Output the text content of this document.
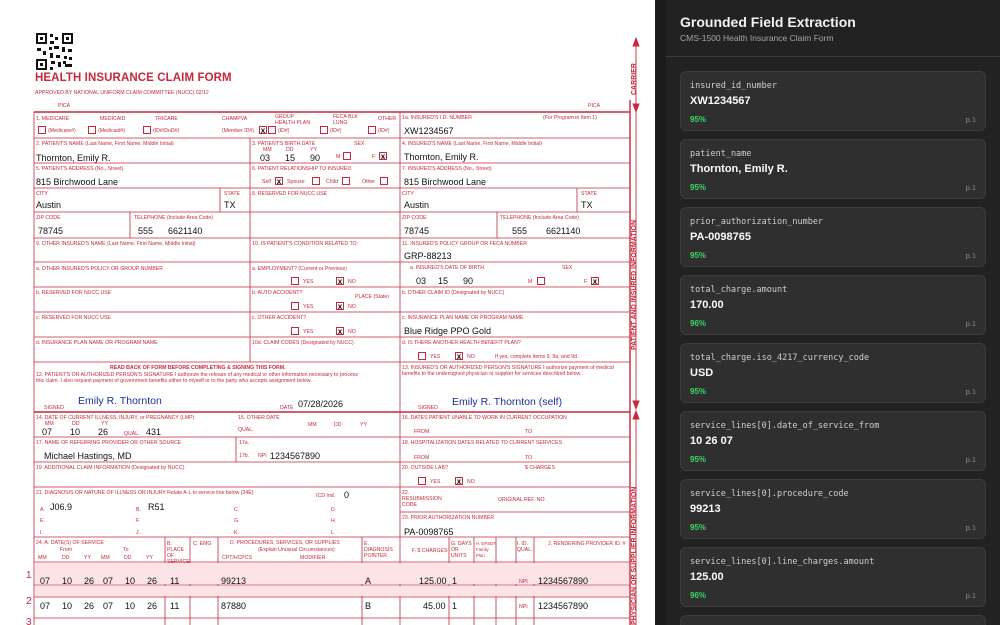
HEALTH INSURANCE CLAIM FORM
APPROVED BY NATIONAL UNIFORM CLAIM COMMITTEE (NUCC) 02/12
PICA	PICA
CARRIER
PATIENT AND INSURED INFORMATION
PHYSICIAN OR SUPPLIER INFORMATION
1. MEDICARE	MEDICAID	TRICARE	CHAMPVA	GROUP HEALTH PLAN
FECA BLK LUNG
OTHER
(Medicare#)	(Medicaid#)	(ID#/DoD#)	(Member ID#) x	(ID#)	(ID#)	(ID#)
1a. INSURED'S I.D. NUMBER	(For Program in Item 1)
XW1234567
2. PATIENT'S NAME (Last Name, First Name, Middle Initial)
Thornton, Emily R.
3. PATIENT'S BIRTH DATE	SEX
MM	DD	YY
03 15 90	M	F x
4. INSURED'S NAME (Last Name, First Name, Middle Initial)
Thornton, Emily R.
5. PATIENT'S ADDRESS (No., Street)
815 Birchwood Lane
6. PATIENT RELATIONSHIP TO INSURED
Self x	Spouse	Child	Other
7. INSURED'S ADDRESS (No., Street)
815 Birchwood Lane
CITY
Austin
STATE
TX
8. RESERVED FOR NUCC USE	CITY
Austin
STATE
TX
ZIP CODE
78745
TELEPHONE (Include Area Code)
555 6621140
ZIP CODE
78745
TELEPHONE (Include Area Code)
555 6621140
9. OTHER INSURED'S NAME (Last Name, First Name, Middle Initial)	10. IS PATIENT'S CONDITION RELATED TO:	11. INSURED'S POLICY GROUP OR FECA NUMBER
GRP-88213
a. OTHER INSURED'S POLICY OR GROUP NUMBER	a. EMPLOYMENT? (Current or Previous)
YES	x	NO
a. INSURED'S DATE OF BIRTH	SEX
03 15 90	M	F x
b. RESERVED FOR NUCC USE	b. AUTO ACCIDENT?
PLACE (State)
YES	x	NO
b. OTHER CLAIM ID (Designated by NUCC)
c. RESERVED FOR NUCC USE	c. OTHER ACCIDENT?
YES	x	NO
c. INSURANCE PLAN NAME OR PROGRAM NAME
Blue Ridge PPO Gold
d. INSURANCE PLAN NAME OR PROGRAM NAME	10d. CLAIM CODES (Designated by NUCC)	d. IS THERE ANOTHER HEALTH BENEFIT PLAN?
YES x	NO	If yes, complete items 9, 9a, and 9d.
READ BACK OF FORM BEFORE COMPLETING & SIGNING THIS FORM.
12. PATIENT'S OR AUTHORIZED PERSON'S SIGNATURE I authorize the release of any medical or other information necessary to process this claim. I also request payment of government benefits either to myself or to the party who accepts assignment below.
SIGNED
Emily R. Thornton
DATE 07/28/2026
13. INSURED'S OR AUTHORIZED PERSON'S SIGNATURE I authorize payment of medical benefits to the undersigned physician or supplier for services described below.
SIGNED Emily R. Thornton (self)
14. DATE OF CURRENT ILLNESS, INJURY, or PREGNANCY (LMP)
MM	DD	YY
07 10 26	QUAL. 431
15. OTHER DATE
QUAL.
MM	DD	YY
16. DATES PATIENT UNABLE TO WORK IN CURRENT OCCUPATION
FROM	TO
17. NAME OF REFERRING PROVIDER OR OTHER SOURCE
Michael Hastings, MD
17a.
17b. NPI 1234567890
18. HOSPITALIZATION DATES RELATED TO CURRENT SERVICES
FROM	TO
19. ADDITIONAL CLAIM INFORMATION (Designated by NUCC)	20. OUTSIDE LAB?	$ CHARGES
YES x	NO
21. DIAGNOSIS OR NATURE OF ILLNESS OR INJURY Relate A-L to service line below (24E)	ICD Ind. 0
A. J06.9	B. R51	C.	D.
E.	F.	G.	H.
I.	J.	K.	L.
22. RESUBMISSION CODE
ORIGINAL REF. NO.
23. PRIOR AUTHORIZATION NUMBER
PA-0098765
24. A. DATE(S) OF SERVICE
From	To
MM	DD	YY MM	DD	YY
B. PLACE OF SERVICE
C. EMG	D. PROCEDURES, SERVICES, OR SUPPLIES
(Explain Unusual Circumstances)
CPT/HCPCS	MODIFIER
E. DIAGNOSIS POINTER
F. $ CHARGES
G. DAYS OR UNITS
H. EPSDT Family Plan
I. ID. QUAL.
J. RENDERING PROVIDER ID. #
1 07 10 26 07 10 26 11	99213	A	125.00 1	NPI 1234567890
2 07 10 26 07 10 26 11	87880	B	45.00 1	NPI 1234567890
3
Grounded Field Extraction
CMS-1500 Health Insurance Claim Form
insured_id_number
XW1234567
95%	p.1
patient_name
Thornton, Emily R.
95%	p.1
prior_authorization_number
PA-0098765
95%	p.1
total_charge.amount
170.00
96%	p.1
total_charge.iso_4217_currency_code
USD
95%	p.1
service_lines[0].date_of_service_from
10 26 07
95%	p.1
service_lines[0].procedure_code
99213
95%	p.1
service_lines[0].line_charges.amount
125.00
96%	p.1
